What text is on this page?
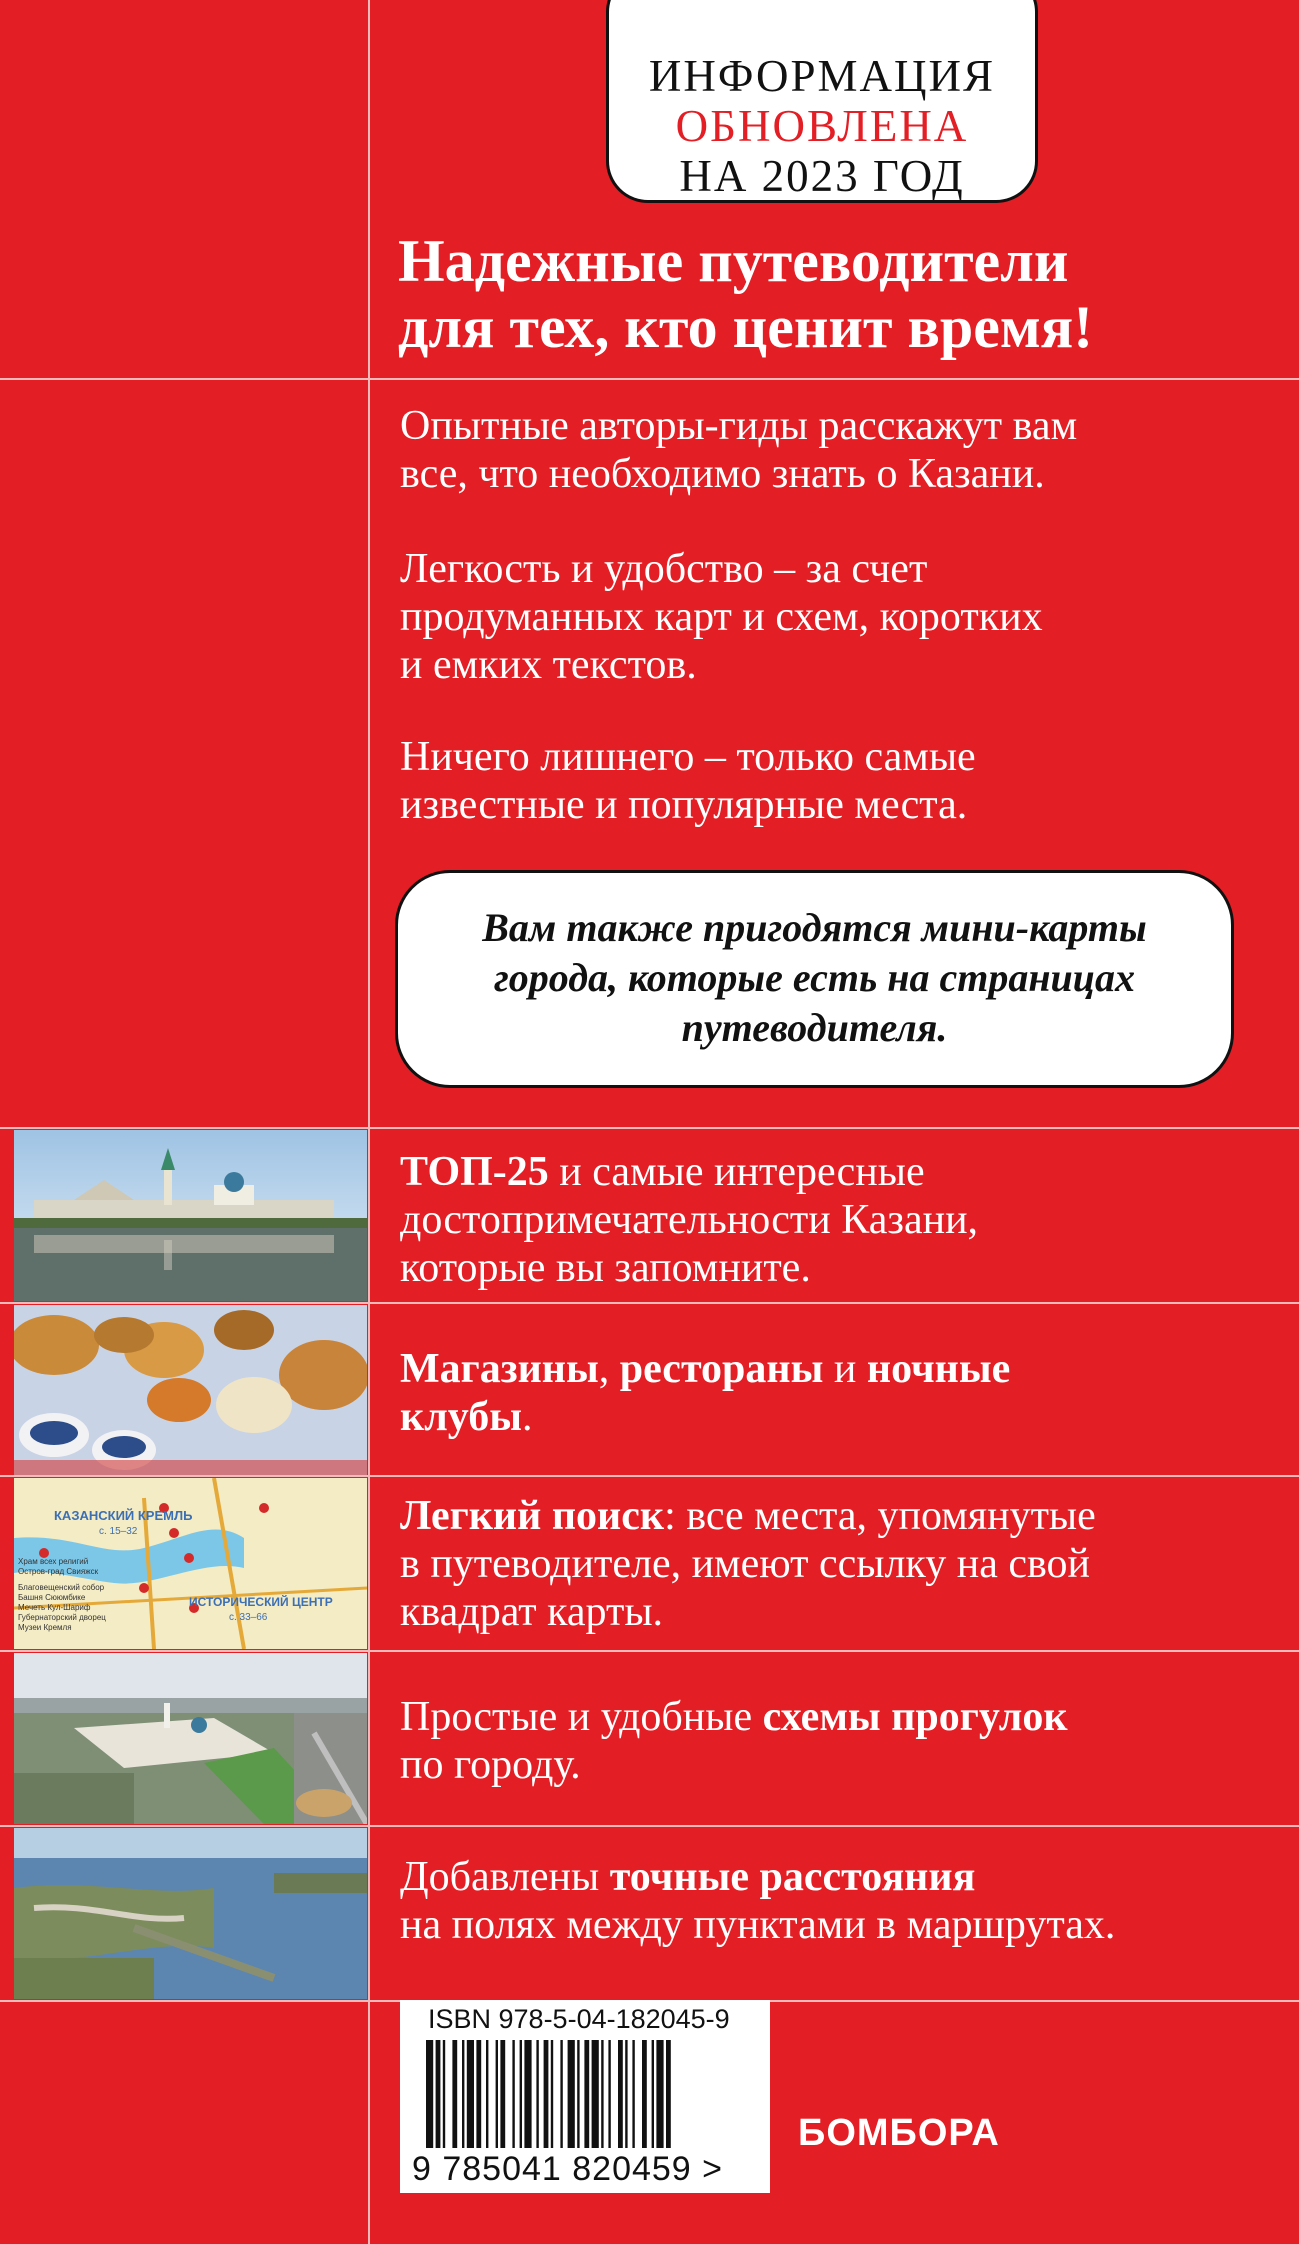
ИНФОРМАЦИЯ
ОБНОВЛЕНА
НА 2023 ГОД
Надежные путеводители
для тех, кто ценит время!
Опытные авторы-гиды расскажут вам
все, что необходимо знать о Казани.
Легкость и удобство – за счет
продуманных карт и схем, коротких
и емких текстов.
Ничего лишнего – только самые
известные и популярные места.
Вам также пригодятся мини-карты
города, которые есть на страницах
путеводителя.
КАЗАНСКИЙ КРЕМЛЬ
с. 15–32
ИСТОРИЧЕСКИЙ ЦЕНТР
с. 33–66
Храм всех религий
Остров-град Свияжск
Благовещенский собор
Башня Сююмбике
Мечеть Кул-Шариф
Губернаторский дворец
Музеи Кремля
ТОП-25 и самые интересные
достопримечательности Казани,
которые вы запомните.
Магазины, рестораны и ночные
клубы.
Легкий поиск: все места, упомянутые
в путеводителе, имеют ссылку на свой
квадрат карты.
Простые и удобные схемы прогулок
по городу.
Добавлены точные расстояния
на полях между пунктами в маршрутах.
ISBN 978-5-04-182045-9
9 785041 820459 >
БОМБОРА
